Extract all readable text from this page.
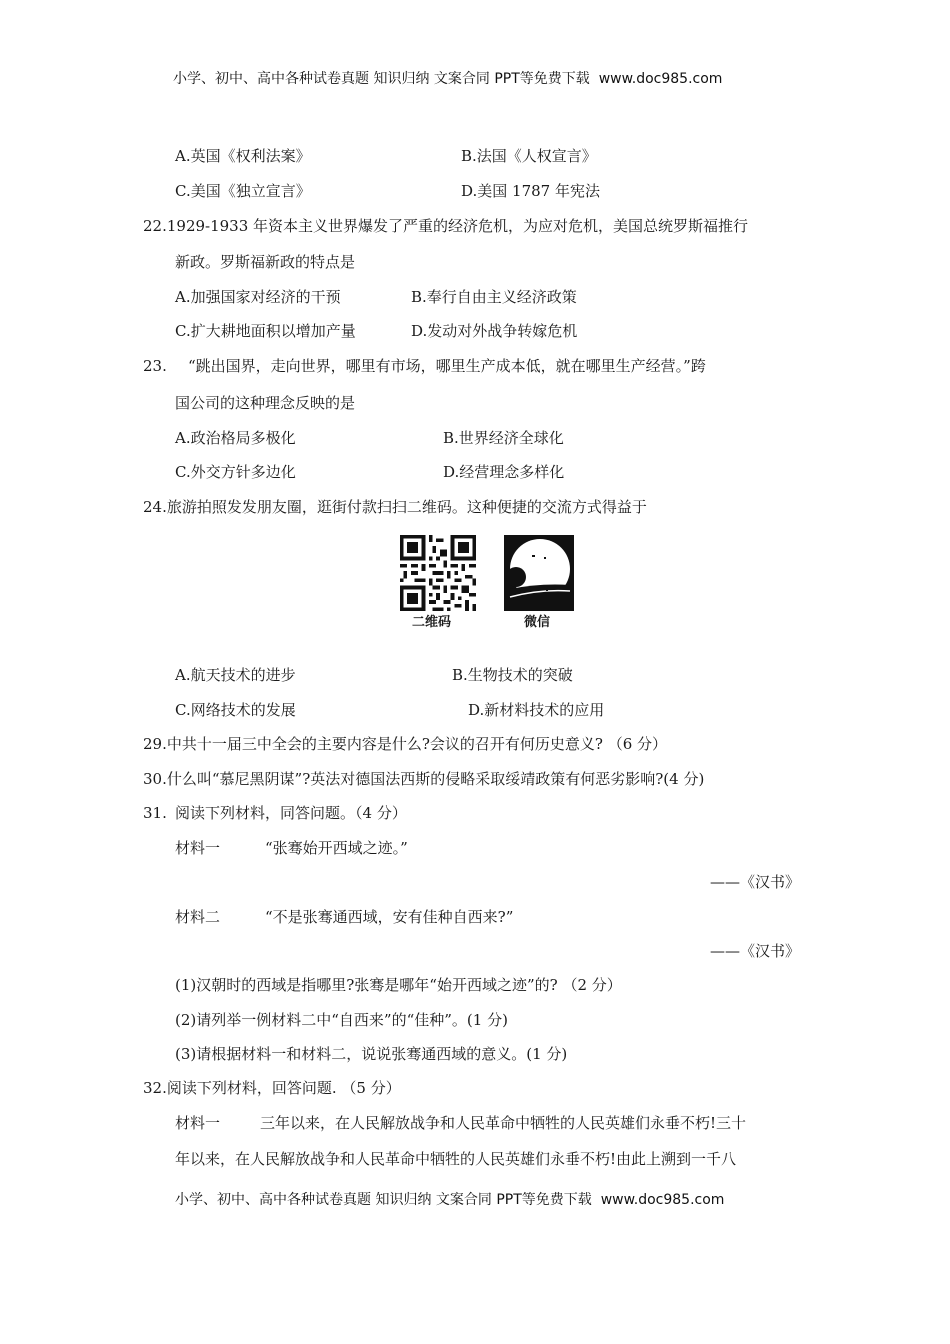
小学、初中、高中各种试卷真题 知识归纳 文案合同 PPT等免费下载 www.doc985.com
A.英国《权利法案》	B.法国《人权宣言》
C.美国《独立宣言》	D.美国 1787 年宪法
22.1929-1933 年资本主义世界爆发了严重的经济危机，为应对危机，美国总统罗斯福推行
新政。罗斯福新政的特点是
A.加强国家对经济的干预	B.奉行自由主义经济政策
C.扩大耕地面积以增加产量	D.发动对外战争转嫁危机
23. “跳出国界，走向世界，哪里有市场，哪里生产成本低，就在哪里生产经营。”跨
国公司的这种理念反映的是
A.政治格局多极化	B.世界经济全球化
C.外交方针多边化	D.经营理念多样化
24.旅游拍照发发朋友圈，逛街付款扫扫二维码。这种便捷的交流方式得益于
二维码	微信
A.航天技术的进步	B.生物技术的突破
C.网络技术的发展	D.新材料技术的应用
29.中共十一届三中全会的主要内容是什么?会议的召开有何历史意义? （6 分）
30.什么叫“慕尼黑阴谋”?英法对德国法西斯的侵略采取绥靖政策有何恶劣影响?(4 分)
31. 阅读下列材料，同答问题。（4 分）
材料一	“张骞始开西域之迹。”
——《汉书》
材料二	“不是张骞通西域，安有佳种自西来?”
——《汉书》
(1)汉朝时的西域是指哪里?张骞是哪年“始开西域之迹”的? （2 分）
(2)请列举一例材料二中“自西来”的“佳种”。(1 分)
(3)请根据材料一和材料二，说说张骞通西域的意义。(1 分)
32.阅读下列材料，回答问题. （5 分）
材料一	三年以来，在人民解放战争和人民革命中牺牲的人民英雄们永垂不朽!三十
年以来，在人民解放战争和人民革命中牺牲的人民英雄们永垂不朽!由此上溯到一千八
小学、初中、高中各种试卷真题 知识归纳 文案合同 PPT等免费下载 www.doc985.com
